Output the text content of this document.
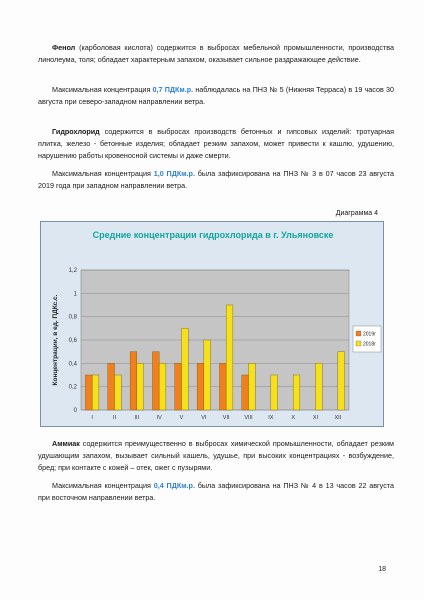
Фенол (карболовая кислота) содержится в выбросах мебельной промышленности, производства линолеума, толя; обладает характерным запахом, оказывает сильное раздражающее действие.

Максимальная концентрация 0,7 ПДКм.р. наблюдалась на ПНЗ № 5 (Нижняя Терраса) в 19 часов 30 августа при северо-западном направлении ветра.

Гидрохлорид содержится в выбросах производств бетонных и гипсовых изделий: тротуарная плитка, железо - бетонные изделия; обладает резким запахом, может привести к кашлю, удушению, нарушению работы кровеносной системы и даже смерти.

Максимальная концентрация 1,0 ПДКм.р. была зафиксирована на ПНЗ № 3 в 07 часов 23 августа 2019 года при западном направлении ветра.

Диаграмма 4
Средние концентрации гидрохлорида в г. Ульяновске
0
0,2
0,4
0,6
0,8
1
1,2
Концентрации, в ед. ПДКс.с.
I	II	III	IV	V	VI	VII	VIII	IX	X	XI	XII
2019г
2018г

Аммиак содержится преимущественно в выбросах химической промышленности, обладает резким удушающим запахом, вызывает сильный кашель, удушье, при высоких концентрациях - возбуждение, бред; при контакте с кожей – отек, ожег с пузырями.

Максимальная концентрация 0,4 ПДКм.р. была зафиксирована на ПНЗ № 4 в 13 часов 22 августа при восточном направлении ветра.

18
